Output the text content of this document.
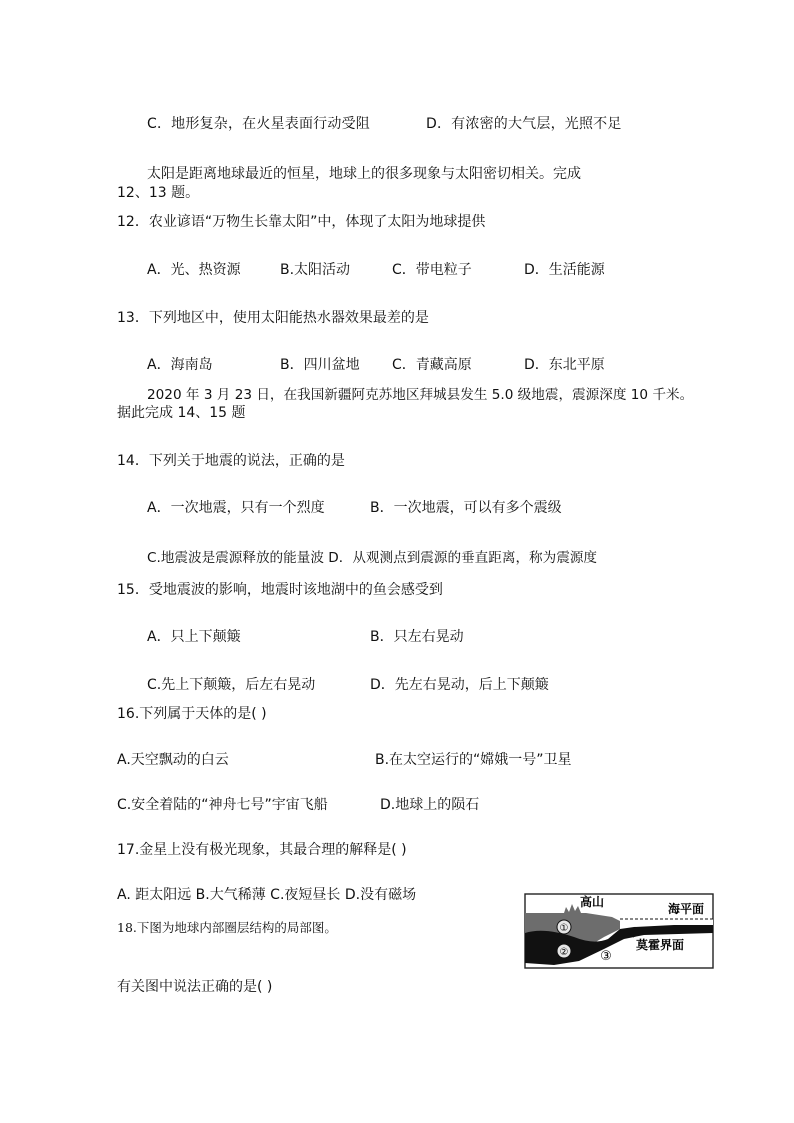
C．地形复杂，在火星表面行动受阻	D．有浓密的大气层，光照不足
太阳是距离地球最近的恒星，地球上的很多现象与太阳密切相关。完成
12、13 题。
12．农业谚语“万物生长靠太阳”中，体现了太阳为地球提供
A．光、热资源	B.太阳活动	C．带电粒子	D．生活能源
13．下列地区中，使用太阳能热水器效果最差的是
A．海南岛	B．四川盆地 C．青藏高原	D．东北平原
2020 年 3 月 23 日，在我国新疆阿克苏地区拜城县发生 5.0 级地震，震源深度 10 千米。
据此完成 14、15 题
14．下列关于地震的说法，正确的是
A．一次地震，只有一个烈度	B．一次地震，可以有多个震级
C.地震波是震源释放的能量波 D．从观测点到震源的垂直距离，称为震源度
15．受地震波的影响，地震时该地湖中的鱼会感受到
A．只上下颠簸	B．只左右晃动
C.先上下颠簸，后左右晃动	D．先左右晃动，后上下颠簸
16.下列属于天体的是( )
A.天空飘动的白云	B.在太空运行的“嫦娥一号”卫星
C.安全着陆的“神舟七号”宇宙飞船	D.地球上的陨石
17.金星上没有极光现象，其最合理的解释是( )
A. 距太阳远 B.大气稀薄 C.夜短昼长 D.没有磁场
18.下图为地球内部圈层结构的局部图。
有关图中说法正确的是( )
①
② ③
高山	海平面
莫霍界面
